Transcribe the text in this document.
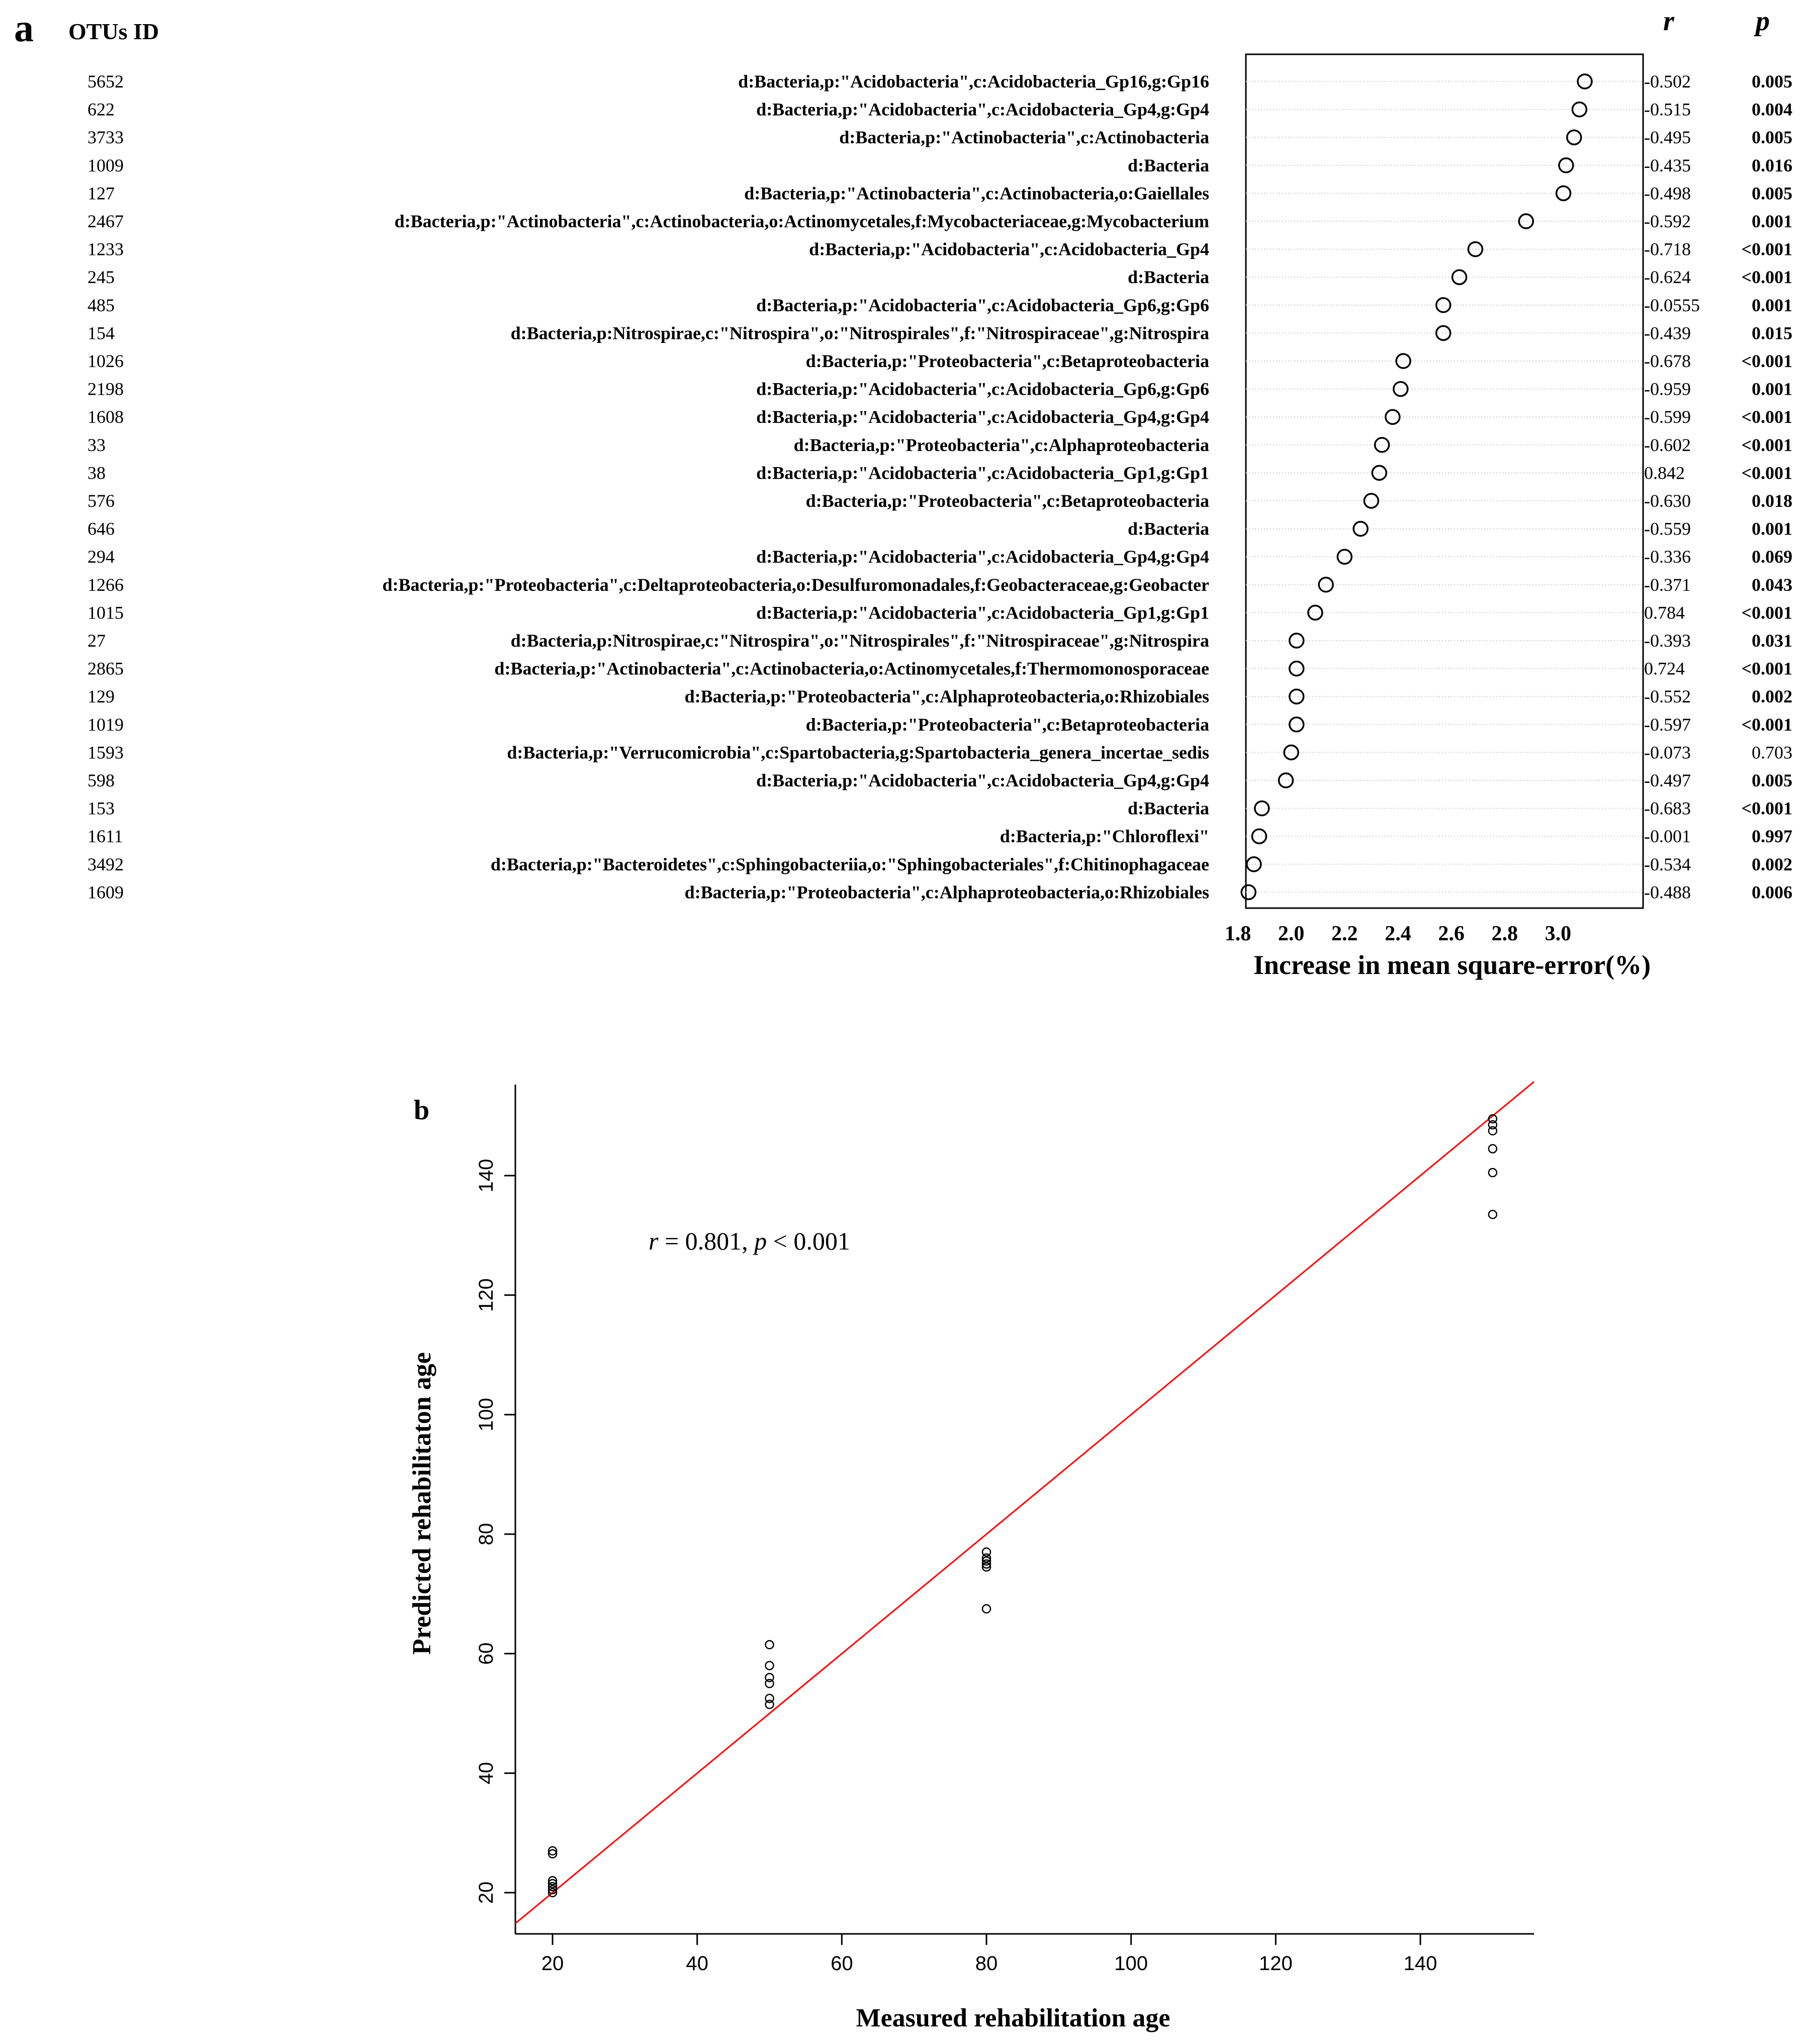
a OTUs ID	r	p
5652	d:Bacteria,p:"Acidobacteria",c:Acidobacteria_Gp16,g:Gp16	-0.502	0.005
622	d:Bacteria,p:"Acidobacteria",c:Acidobacteria_Gp4,g:Gp4	-0.515	0.004
3733	d:Bacteria,p:"Actinobacteria",c:Actinobacteria	-0.495	0.005
1009	d:Bacteria	-0.435	0.016
127	d:Bacteria,p:"Actinobacteria",c:Actinobacteria,o:Gaiellales	-0.498	0.005
2467	d:Bacteria,p:"Actinobacteria",c:Actinobacteria,o:Actinomycetales,f:Mycobacteriaceae,g:Mycobacterium	-0.592	0.001
1233	d:Bacteria,p:"Acidobacteria",c:Acidobacteria_Gp4	-0.718	<0.001
245	d:Bacteria	-0.624	<0.001
485	d:Bacteria,p:"Acidobacteria",c:Acidobacteria_Gp6,g:Gp6	-0.0555	0.001
154	d:Bacteria,p:Nitrospirae,c:"Nitrospira",o:"Nitrospirales",f:"Nitrospiraceae",g:Nitrospira	-0.439	0.015
1026	d:Bacteria,p:"Proteobacteria",c:Betaproteobacteria	-0.678	<0.001
2198	d:Bacteria,p:"Acidobacteria",c:Acidobacteria_Gp6,g:Gp6	-0.959	0.001
1608	d:Bacteria,p:"Acidobacteria",c:Acidobacteria_Gp4,g:Gp4	-0.599	<0.001
33	d:Bacteria,p:"Proteobacteria",c:Alphaproteobacteria	-0.602	<0.001
38	d:Bacteria,p:"Acidobacteria",c:Acidobacteria_Gp1,g:Gp1	0.842	<0.001
576	d:Bacteria,p:"Proteobacteria",c:Betaproteobacteria	-0.630	0.018
646	d:Bacteria	-0.559	0.001
294	d:Bacteria,p:"Acidobacteria",c:Acidobacteria_Gp4,g:Gp4	-0.336	0.069
1266	d:Bacteria,p:"Proteobacteria",c:Deltaproteobacteria,o:Desulfuromonadales,f:Geobacteraceae,g:Geobacter	-0.371	0.043
1015	d:Bacteria,p:"Acidobacteria",c:Acidobacteria_Gp1,g:Gp1	0.784	<0.001
27	d:Bacteria,p:Nitrospirae,c:"Nitrospira",o:"Nitrospirales",f:"Nitrospiraceae",g:Nitrospira	-0.393	0.031
2865	d:Bacteria,p:"Actinobacteria",c:Actinobacteria,o:Actinomycetales,f:Thermomonosporaceae	0.724	<0.001
129	d:Bacteria,p:"Proteobacteria",c:Alphaproteobacteria,o:Rhizobiales	-0.552	0.002
1019	d:Bacteria,p:"Proteobacteria",c:Betaproteobacteria	-0.597	<0.001
1593	d:Bacteria,p:"Verrucomicrobia",c:Spartobacteria,g:Spartobacteria_genera_incertae_sedis	-0.073	0.703
598	d:Bacteria,p:"Acidobacteria",c:Acidobacteria_Gp4,g:Gp4	-0.497	0.005
153	d:Bacteria	-0.683	<0.001
1611	d:Bacteria,p:"Chloroflexi"	-0.001	0.997
3492	d:Bacteria,p:"Bacteroidetes",c:Sphingobacteriia,o:"Sphingobacteriales",f:Chitinophagaceae	-0.534	0.002
1609	d:Bacteria,p:"Proteobacteria",c:Alphaproteobacteria,o:Rhizobiales	-0.488	0.006
1.8 2.0 2.2 2.4 2.6 2.8 3.0
Increase in mean square-error(%)
b
20	40	60	80	100	120	140
20
40
60
80
100
120
140
r = 0.801, p < 0.001
Measured rehabilitation age
Predicted rehabilitaton age
